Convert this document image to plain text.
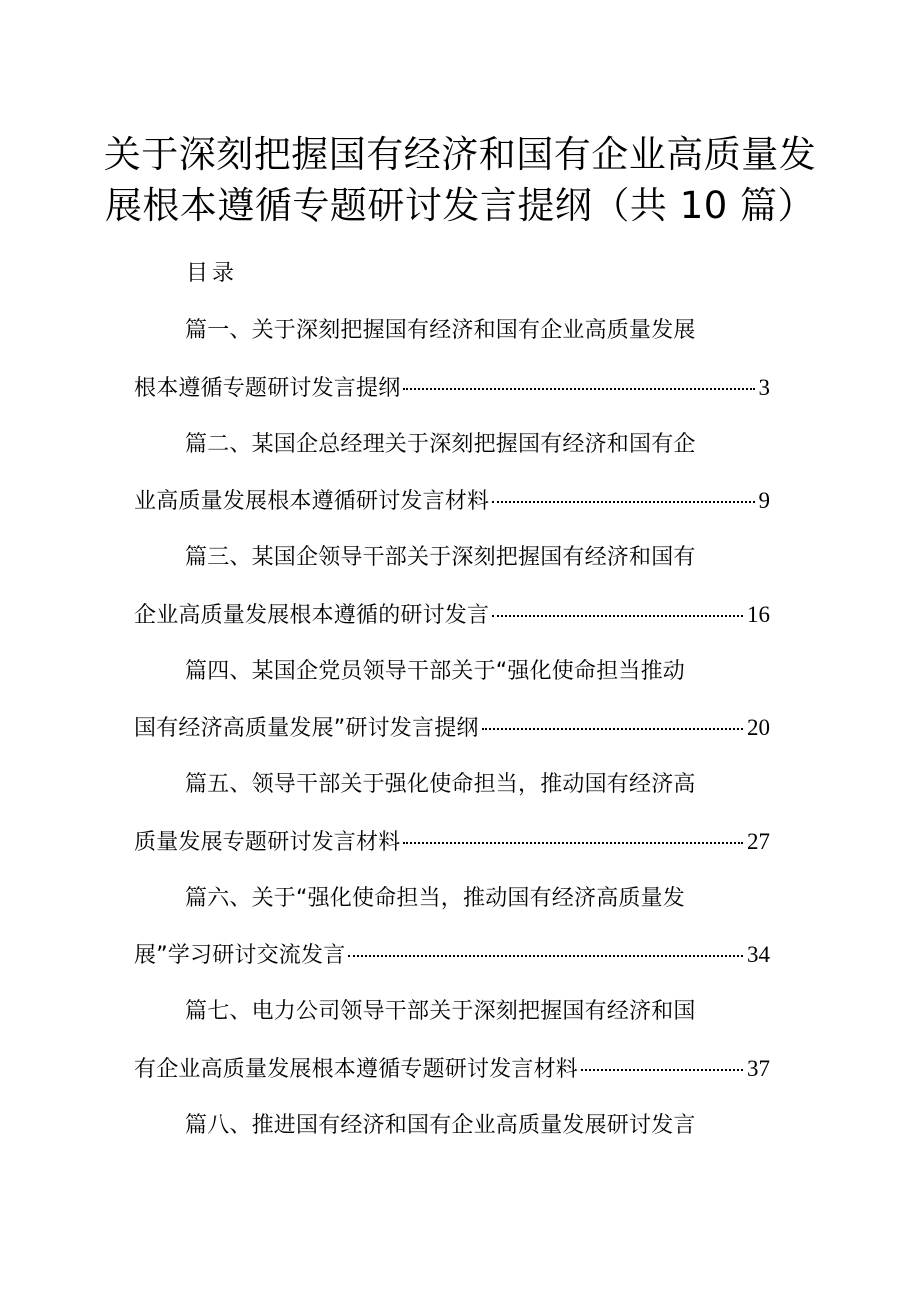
关于深刻把握国有经济和国有企业高质量发
展根本遵循专题研讨发言提纲（共 10 篇）
目录
篇一、关于深刻把握国有经济和国有企业高质量发展
根本遵循专题研讨发言提纲	3
篇二、某国企总经理关于深刻把握国有经济和国有企
业高质量发展根本遵循研讨发言材料	9
篇三、某国企领导干部关于深刻把握国有经济和国有
企业高质量发展根本遵循的研讨发言	16
篇四、某国企党员领导干部关于“强化使命担当推动
国有经济高质量发展”研讨发言提纲	20
篇五、领导干部关于强化使命担当，推动国有经济高
质量发展专题研讨发言材料	27
篇六、关于“强化使命担当，推动国有经济高质量发
展”学习研讨交流发言	34
篇七、电力公司领导干部关于深刻把握国有经济和国
有企业高质量发展根本遵循专题研讨发言材料	37
篇八、推进国有经济和国有企业高质量发展研讨发言
